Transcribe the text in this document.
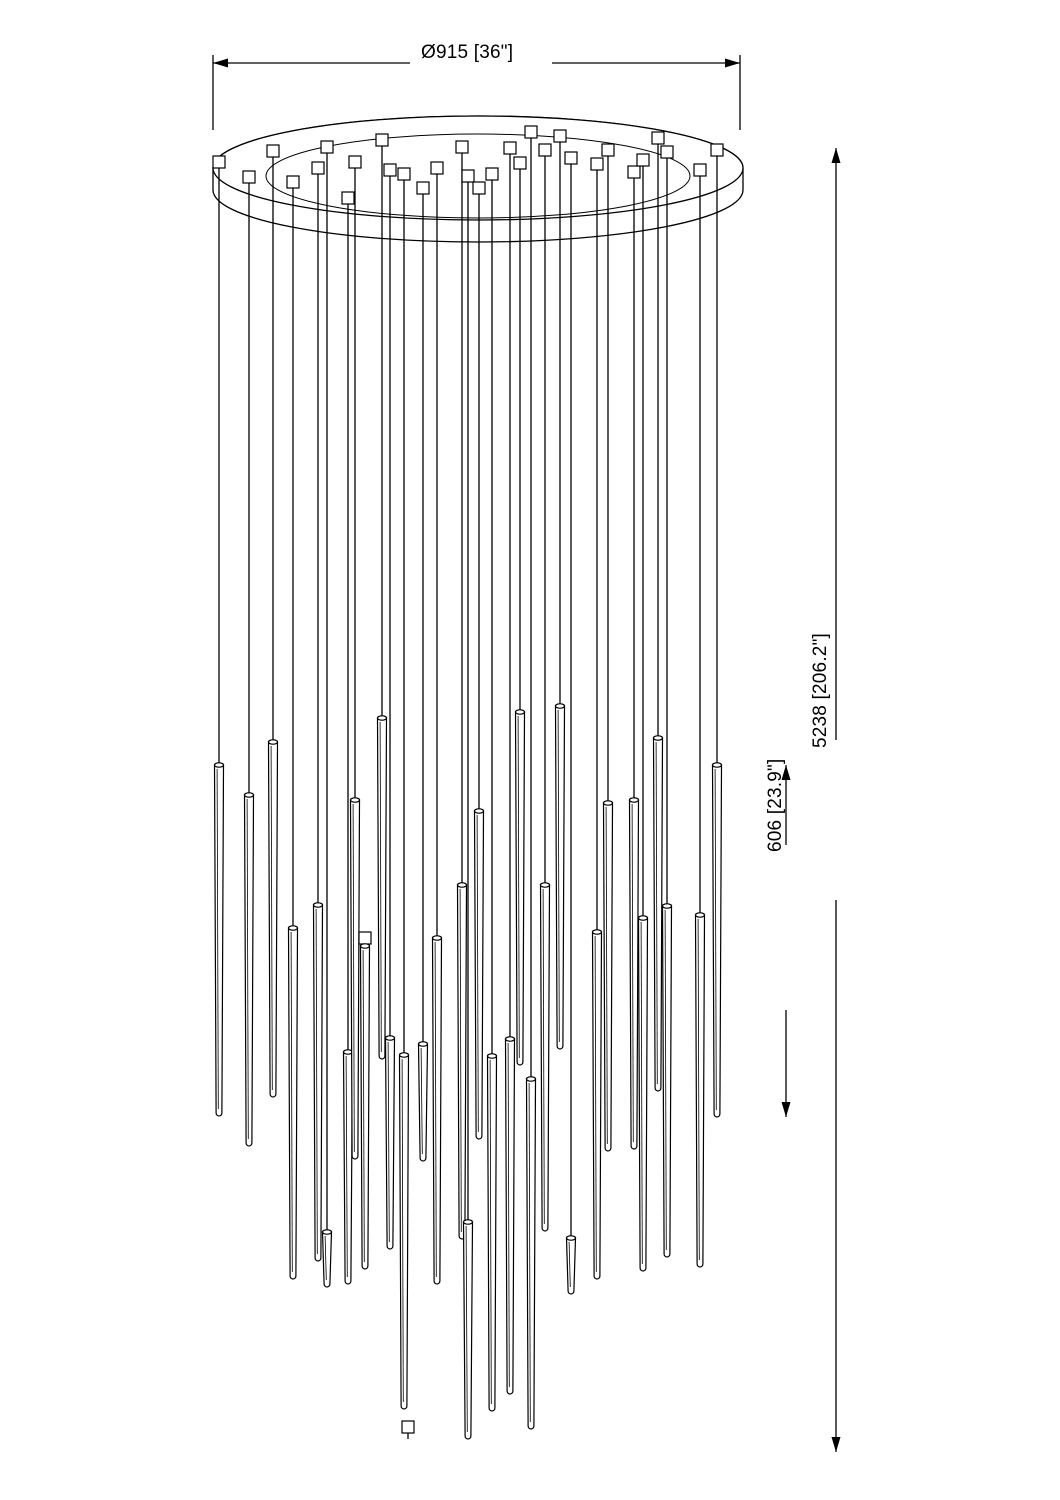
Ø915 [36"]
5238 [206.2"]
606 [23.9"]
